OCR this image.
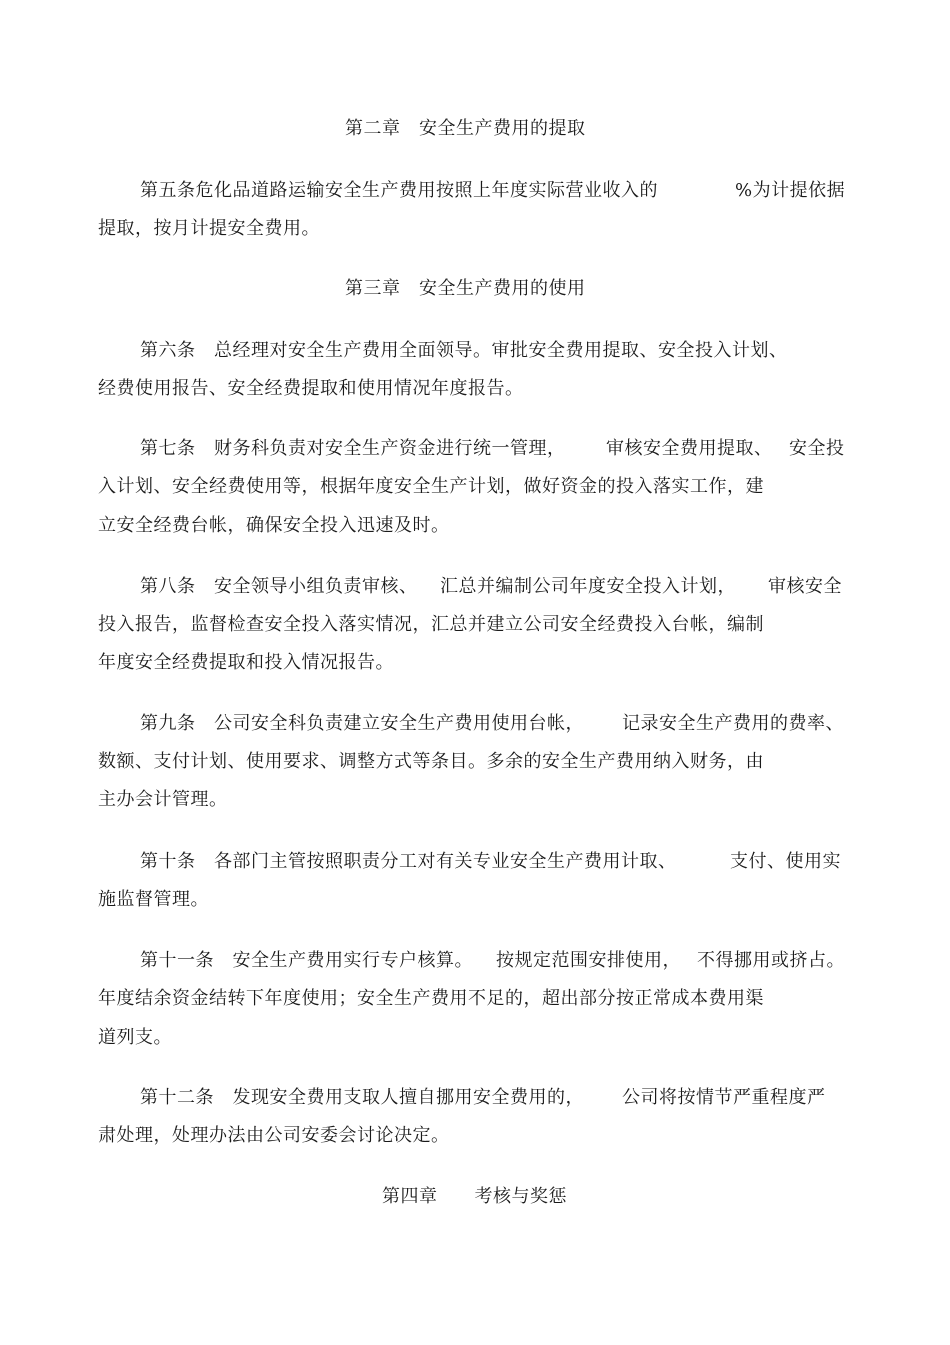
第二章　安全生产费用的提取
第五条危化品道路运输安全生产费用按照上年度实际营业收入的	%为计提依据
提取，按月计提安全费用。
第三章　安全生产费用的使用
第六条　总经理对安全生产费用全面领导。审批安全费用提取、安全投入计划、
经费使用报告、安全经费提取和使用情况年度报告。
第七条　财务科负责对安全生产资金进行统一管理， 审核安全费用提取、 安全投
入计划、安全经费使用等，根据年度安全生产计划，做好资金的投入落实工作，建
立安全经费台帐，确保安全投入迅速及时。
第八条　安全领导小组负责审核、 汇总并编制公司年度安全投入计划， 审核安全
投入报告，监督检查安全投入落实情况，汇总并建立公司安全经费投入台帐，编制
年度安全经费提取和投入情况报告。
第九条　公司安全科负责建立安全生产费用使用台帐， 记录安全生产费用的费率、
数额、支付计划、使用要求、调整方式等条目。多余的安全生产费用纳入财务，由
主办会计管理。
第十条　各部门主管按照职责分工对有关专业安全生产费用计取、	支付、使用实
施监督管理。
第十一条　安全生产费用实行专户核算。 按规定范围安排使用， 不得挪用或挤占。
年度结余资金结转下年度使用；安全生产费用不足的，超出部分按正常成本费用渠
道列支。
第十二条　发现安全费用支取人擅自挪用安全费用的， 公司将按情节严重程度严
肃处理，处理办法由公司安委会讨论决定。
第四章　　考核与奖惩
